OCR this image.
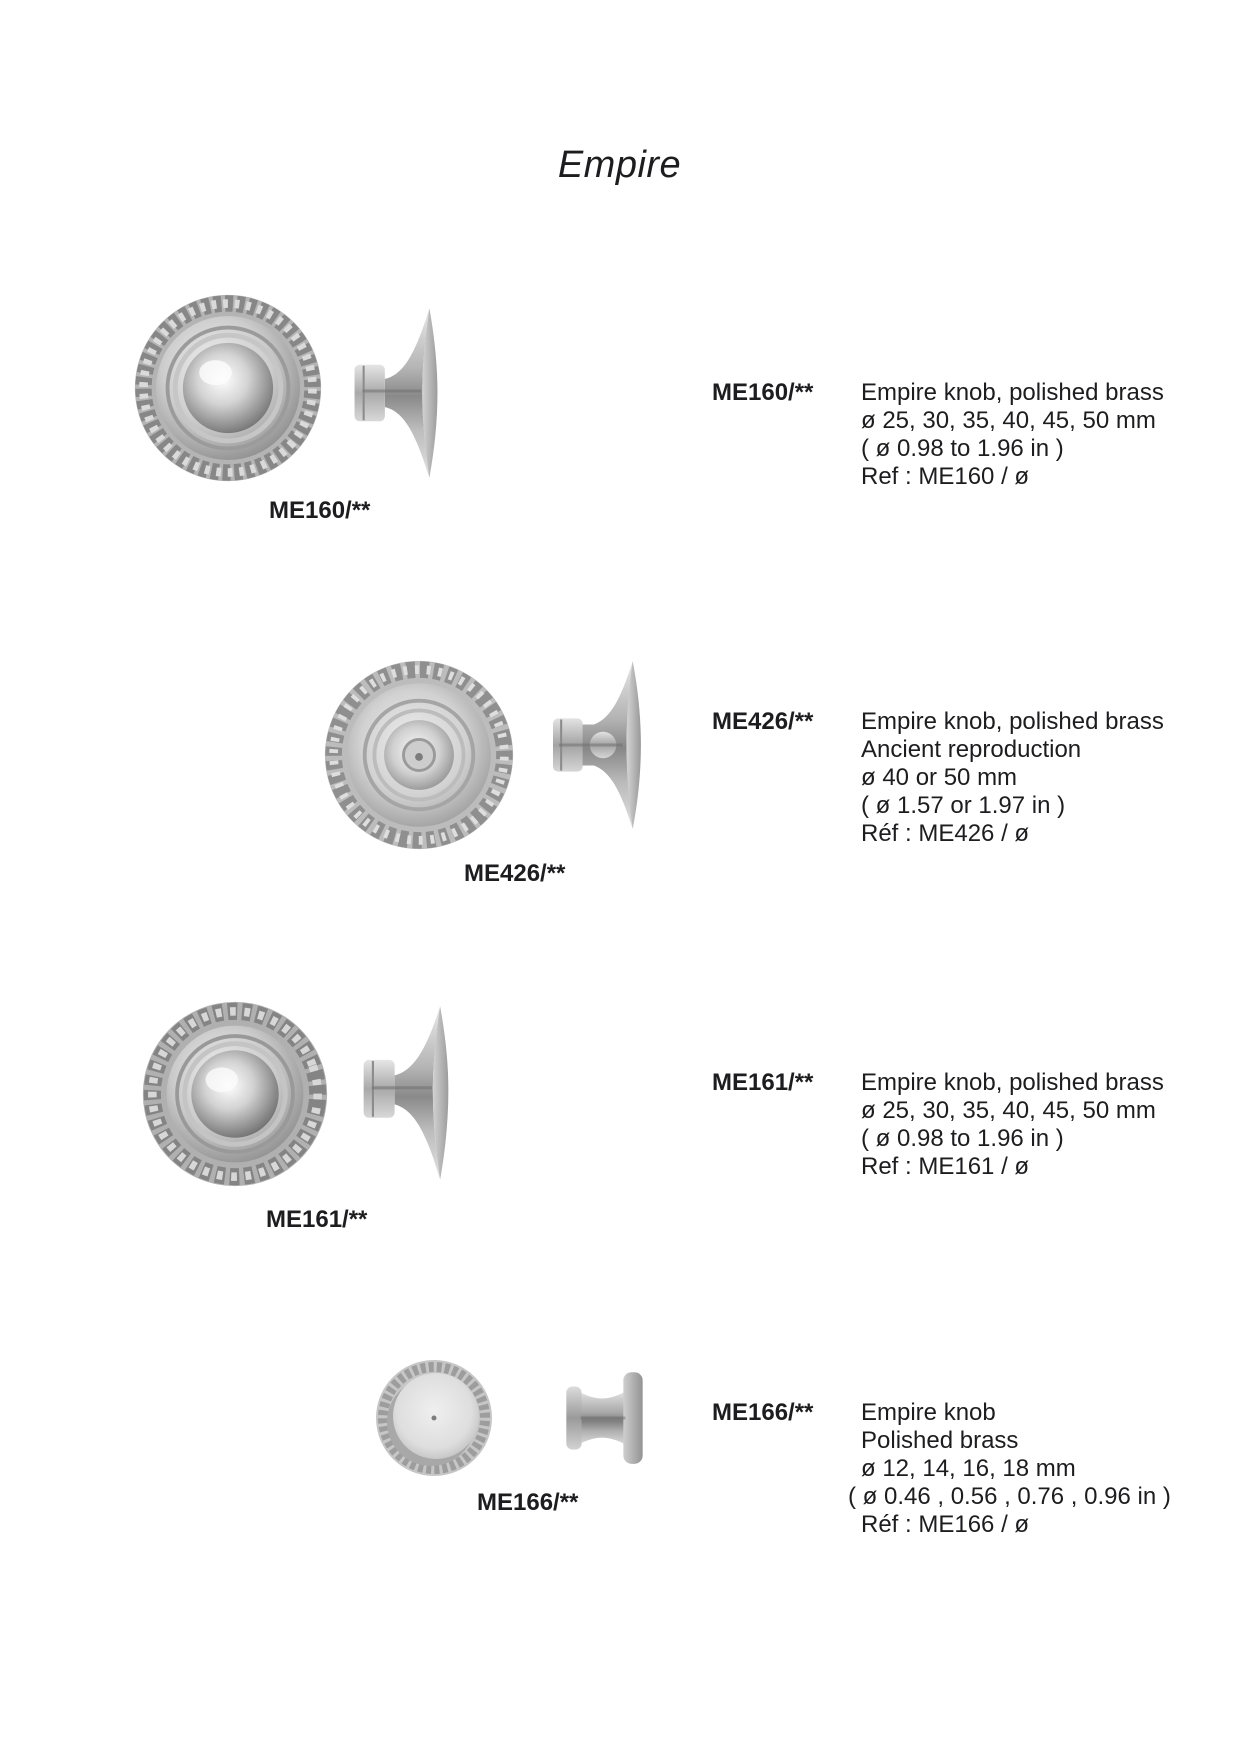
Empire
ME160/**
ME160/** Empire knob, polished brass
ø 25, 30, 35, 40, 45, 50 mm
( ø 0.98 to 1.96 in )
Ref : ME160 / ø
ME426/**
ME426/** Empire knob, polished brass
Ancient reproduction
ø 40 or 50 mm
( ø 1.57 or 1.97 in )
Réf : ME426 / ø
ME161/**
ME161/** Empire knob, polished brass
ø 25, 30, 35, 40, 45, 50 mm
( ø 0.98 to 1.96 in )
Ref : ME161 / ø
ME166/**
ME166/** Empire knob
Polished brass
ø 12, 14, 16, 18 mm
( ø 0.46 , 0.56 , 0.76 , 0.96 in )
Réf : ME166 / ø
